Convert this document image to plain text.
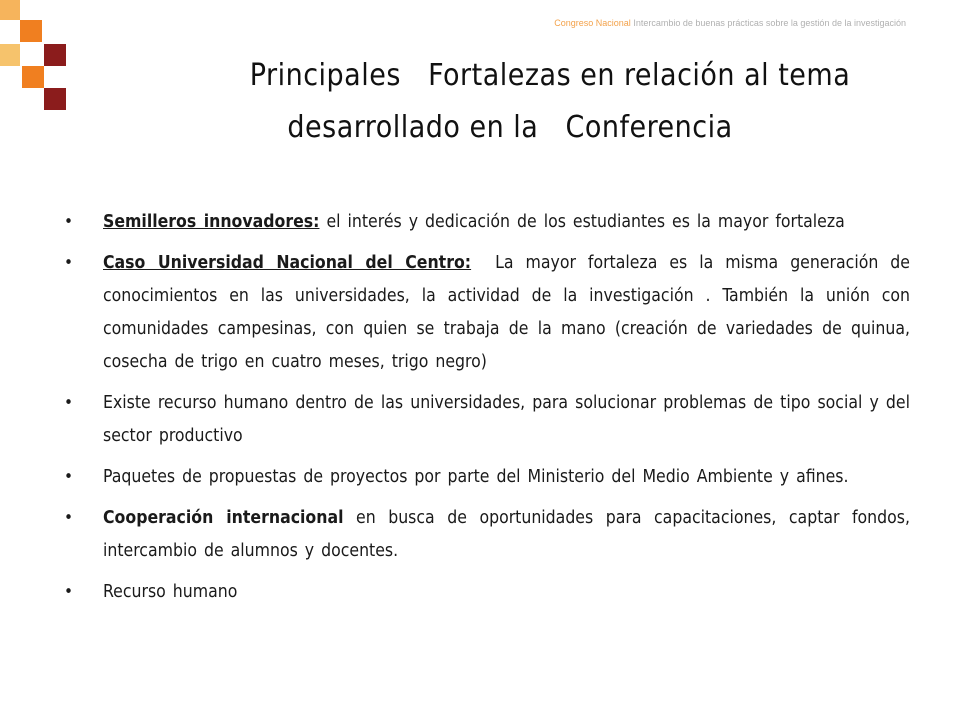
Congreso Nacional Intercambio de buenas prácticas sobre la gestión de la investigación
Principales   Fortalezas en relación al tema
desarrollado en la   Conferencia
• Semilleros innovadores: el interés y dedicación de los estudiantes es la mayor fortaleza
• Caso Universidad Nacional del Centro:  La mayor fortaleza es la misma generación de conocimientos en las universidades, la actividad de la investigación . También la unión con comunidades campesinas, con quien se trabaja de la mano (creación de variedades de quinua, cosecha de trigo en cuatro meses, trigo negro)
• Existe recurso humano dentro de las universidades, para solucionar problemas de tipo social y del sector productivo
• Paquetes de propuestas de proyectos por parte del Ministerio del Medio Ambiente y afines.
• Cooperación internacional en busca de oportunidades para capacitaciones, captar fondos, intercambio de alumnos y docentes.
• Recurso humano
